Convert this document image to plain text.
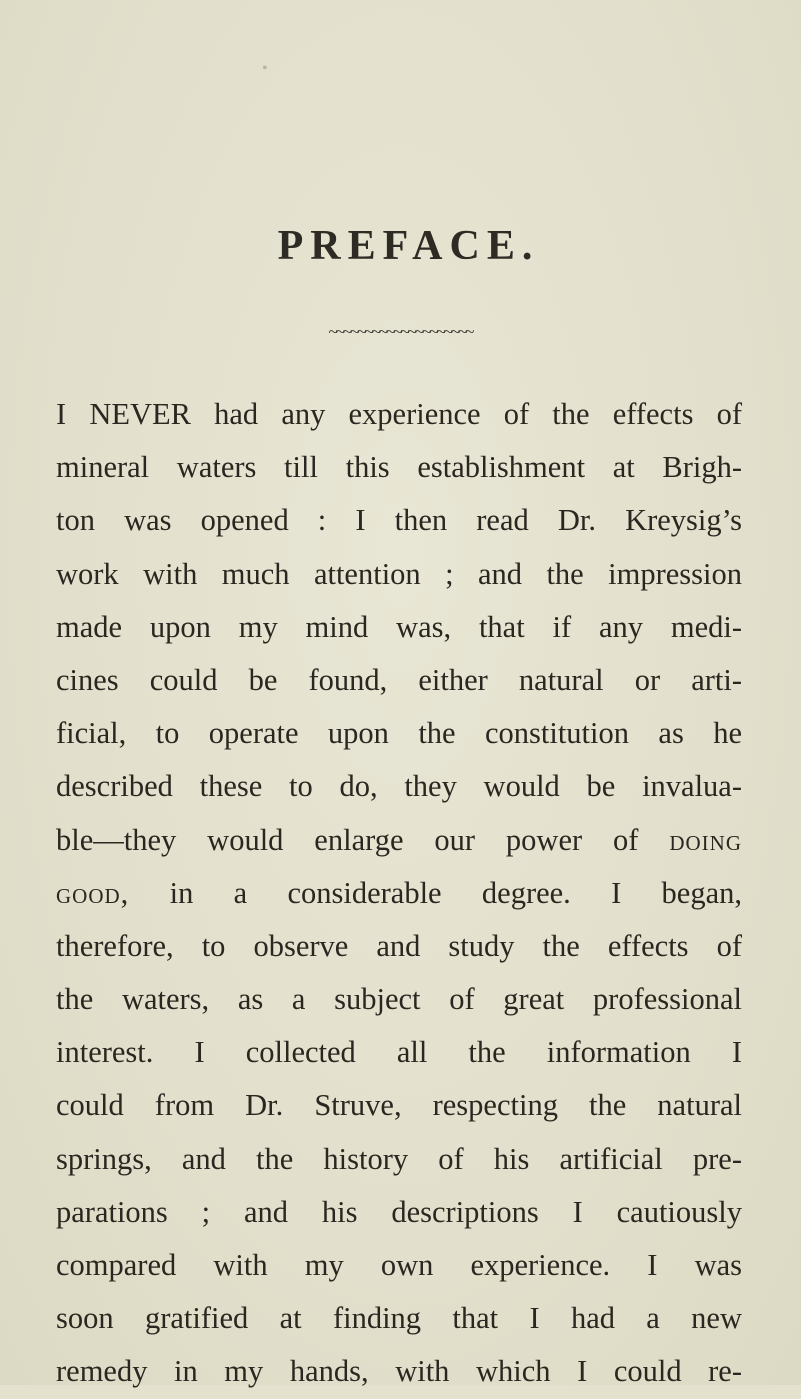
•
PREFACE.
~~~~~~~~~~~~~~~~~~~~
I NEVER had any experience of the effects of
mineral waters till this establishment at Brigh-
ton was opened : I then read Dr. Kreysig’s
work with much attention ; and the impression
made upon my mind was, that if any medi-
cines could be found, either natural or arti-
ficial, to operate upon the constitution as he
described these to do, they would be invalua-
ble—they would enlarge our power of doing
good, in a considerable degree. I began,
therefore, to observe and study the effects of
the waters, as a subject of great professional
interest. I collected all the information I
could from Dr. Struve, respecting the natural
springs, and the history of his artificial pre-
parations ; and his descriptions I cautiously
compared with my own experience. I was
soon gratified at finding that I had a new
remedy in my hands, with which I could re-
